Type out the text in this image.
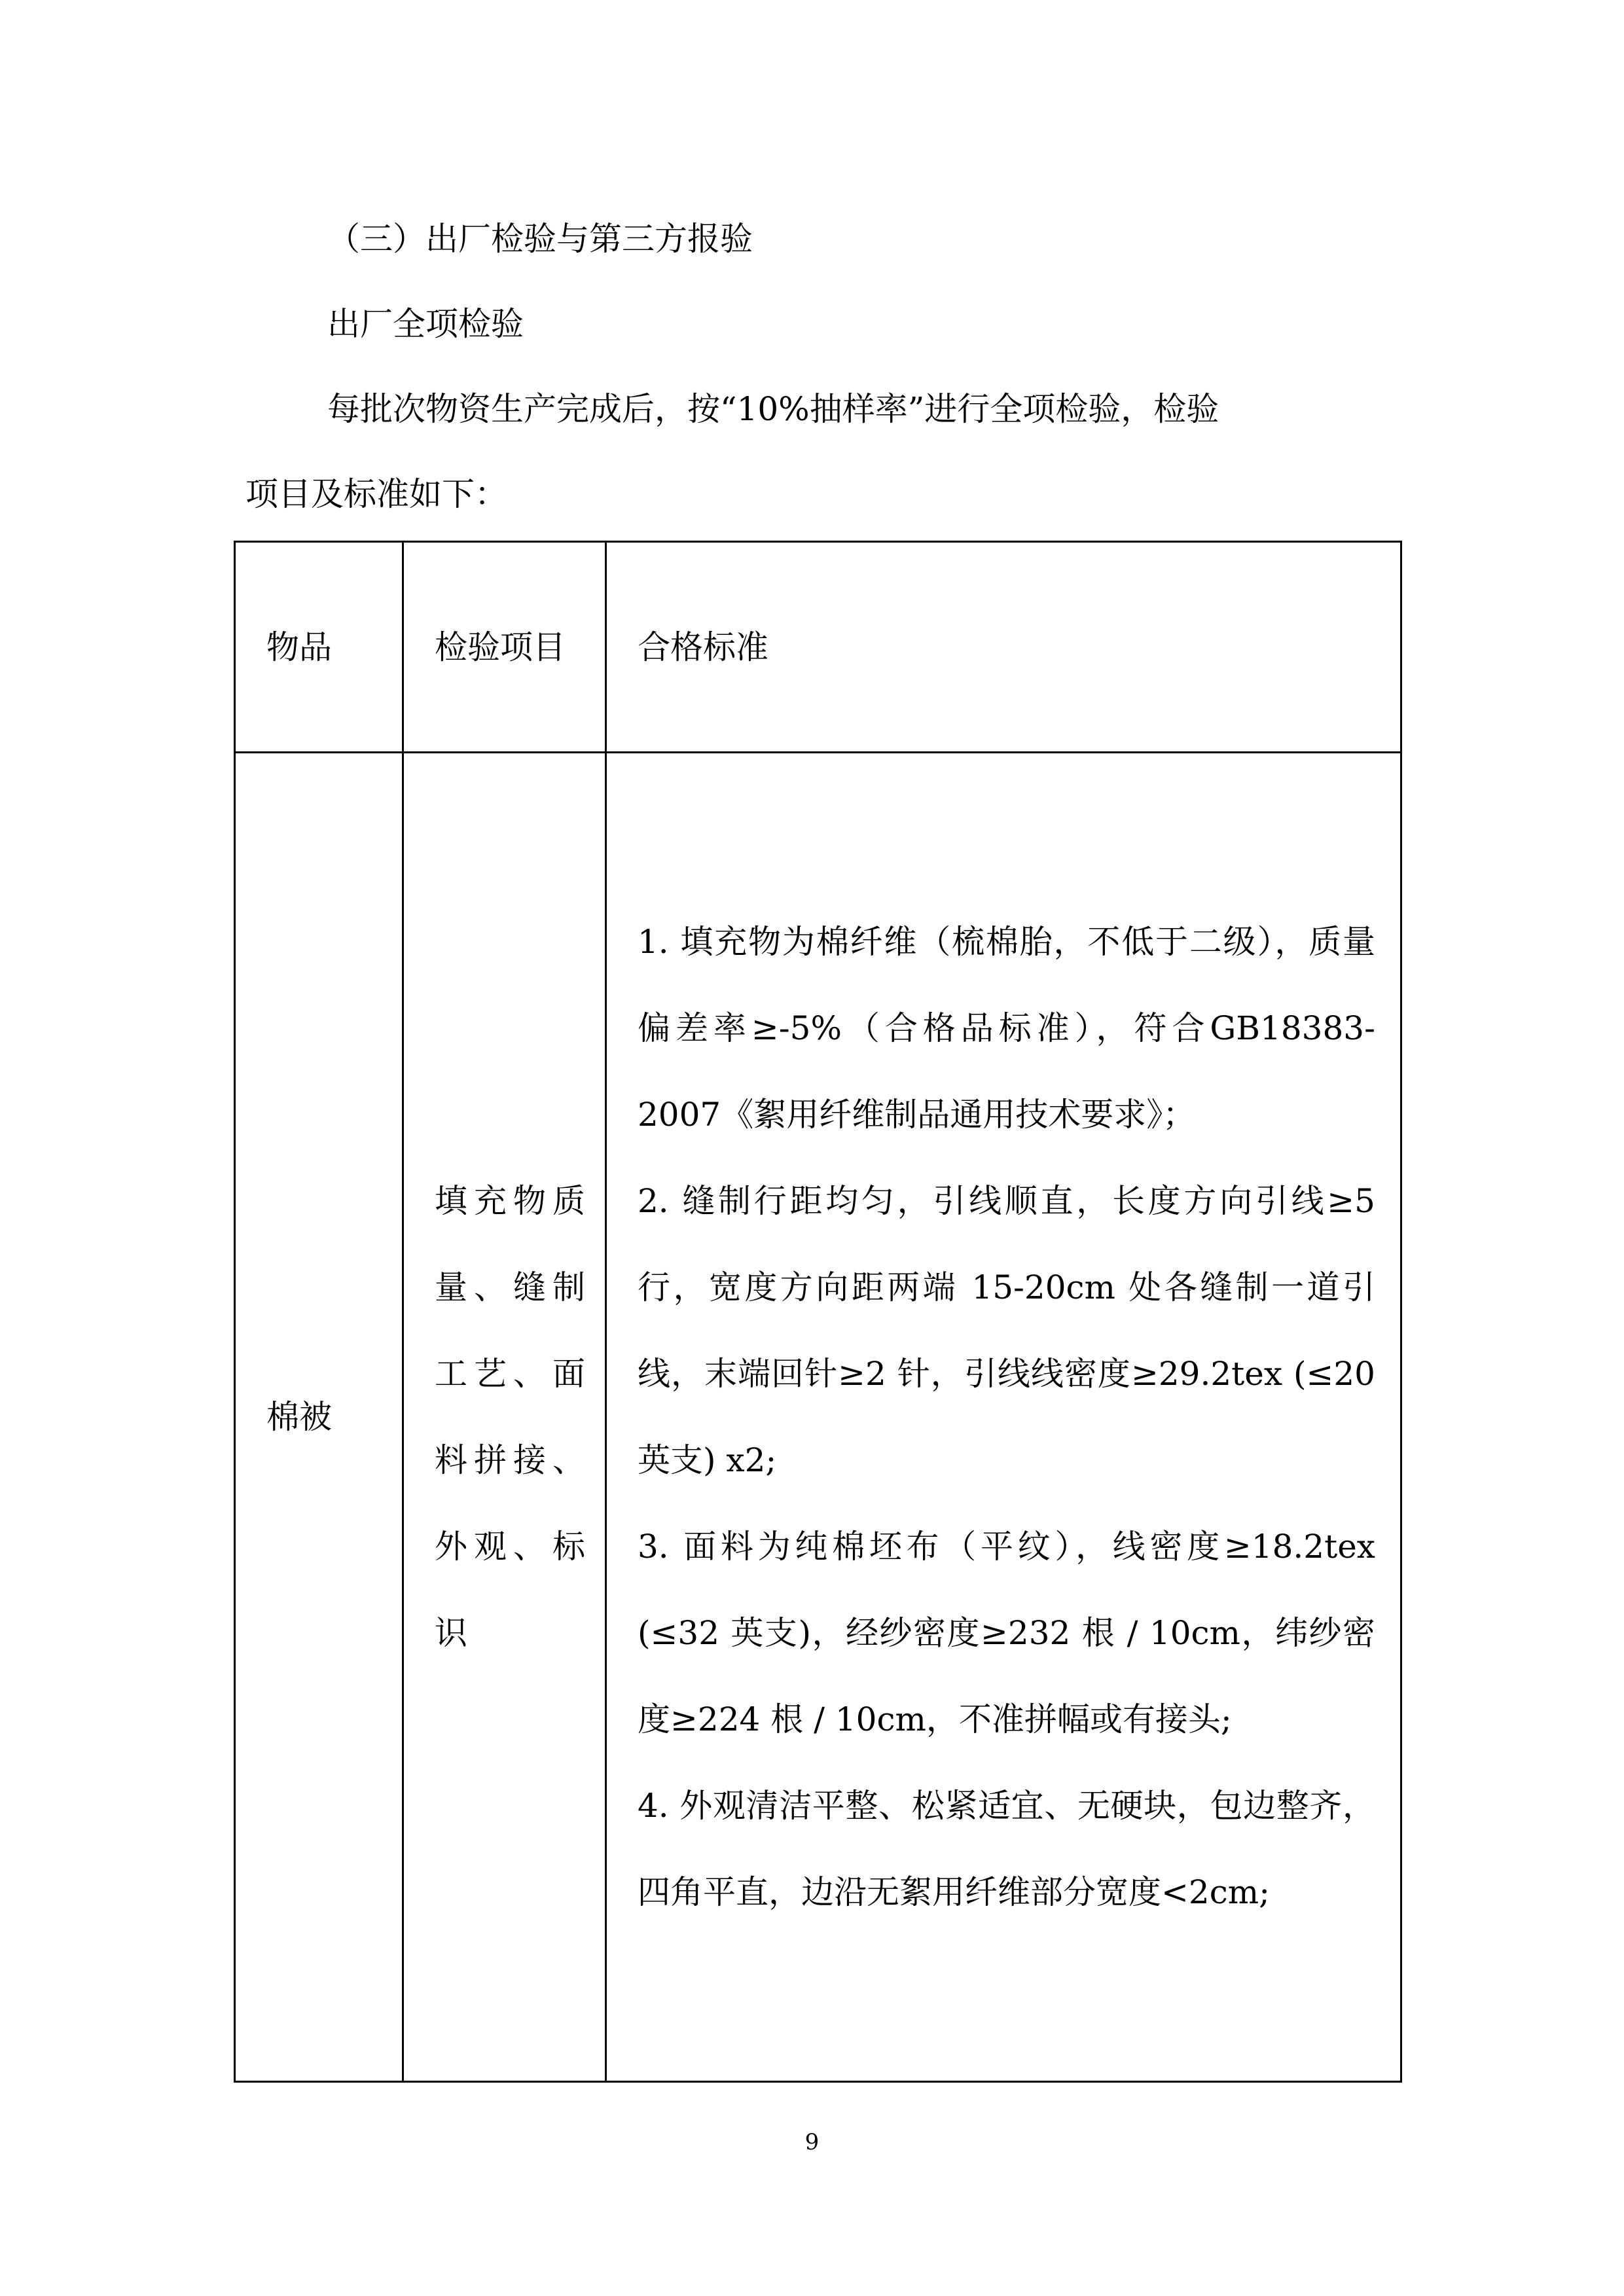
（三）出厂检验与第三方报验
出厂全项检验
每批次物资生产完成后，按“10%抽样率”进行全项检验，检验
项目及标准如下：
物品	检验项目	合格标准
棉被	填充物质量、缝制工艺、面料拼接、外观、标识	1. 填充物为棉纤维（梳棉胎，不低于二级），质量偏差率≥-5%（合格品标准），符合GB18383-2007《絮用纤维制品通用技术要求》；
2. 缝制行距均匀，引线顺直，长度方向引线≥5 行，宽度方向距两端 15-20cm 处各缝制一道引线，末端回针≥2 针，引线线密度≥29.2tex (≤20 英支) x2;
3. 面料为纯棉坯布（平纹），线密度≥18.2tex (≤32 英支)，经纱密度≥232 根 / 10cm，纬纱密度≥224 根 / 10cm，不准拼幅或有接头;
4. 外观清洁平整、松紧适宜、无硬块，包边整齐，四角平直，边沿无絮用纤维部分宽度<2cm;
9
